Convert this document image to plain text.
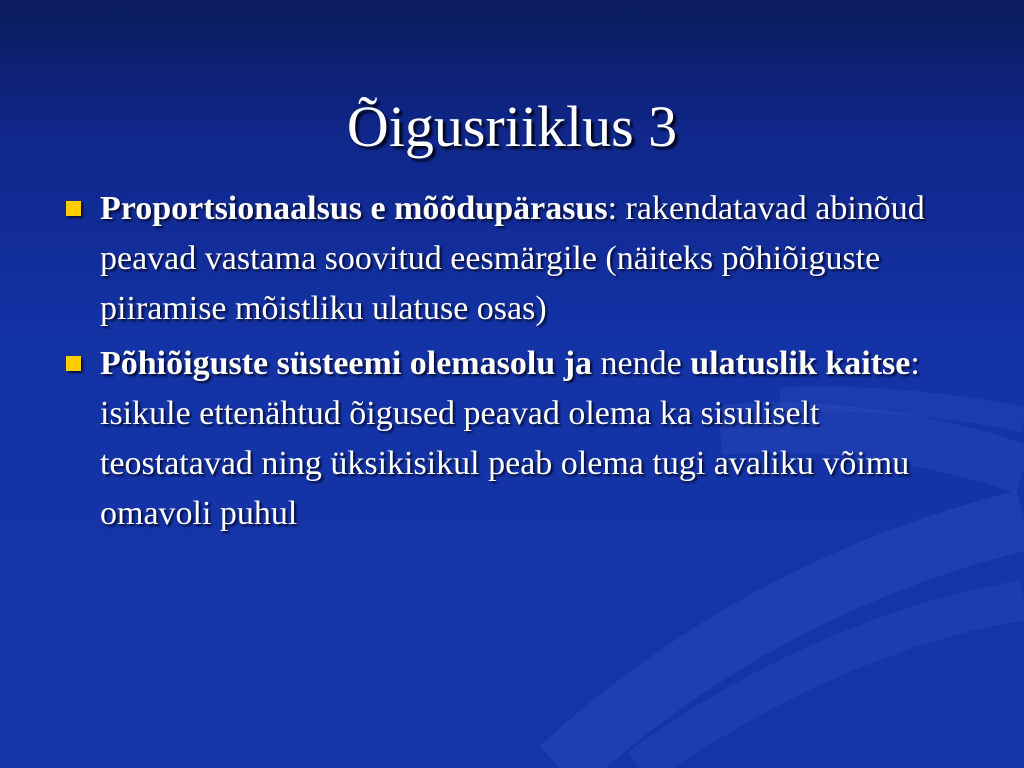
Õigusriiklus 3
Proportsionaalsus e mõõdupärasus: rakendatavad abinõud peavad vastama soovitud eesmärgile (näiteks põhiõiguste piiramise mõistliku ulatuse osas)
Põhiõiguste süsteemi olemasolu ja nende ulatuslik kaitse: isikule ettenähtud õigused peavad olema ka sisuliselt teostatavad ning üksikisikul peab olema tugi avaliku võimu omavoli puhul
